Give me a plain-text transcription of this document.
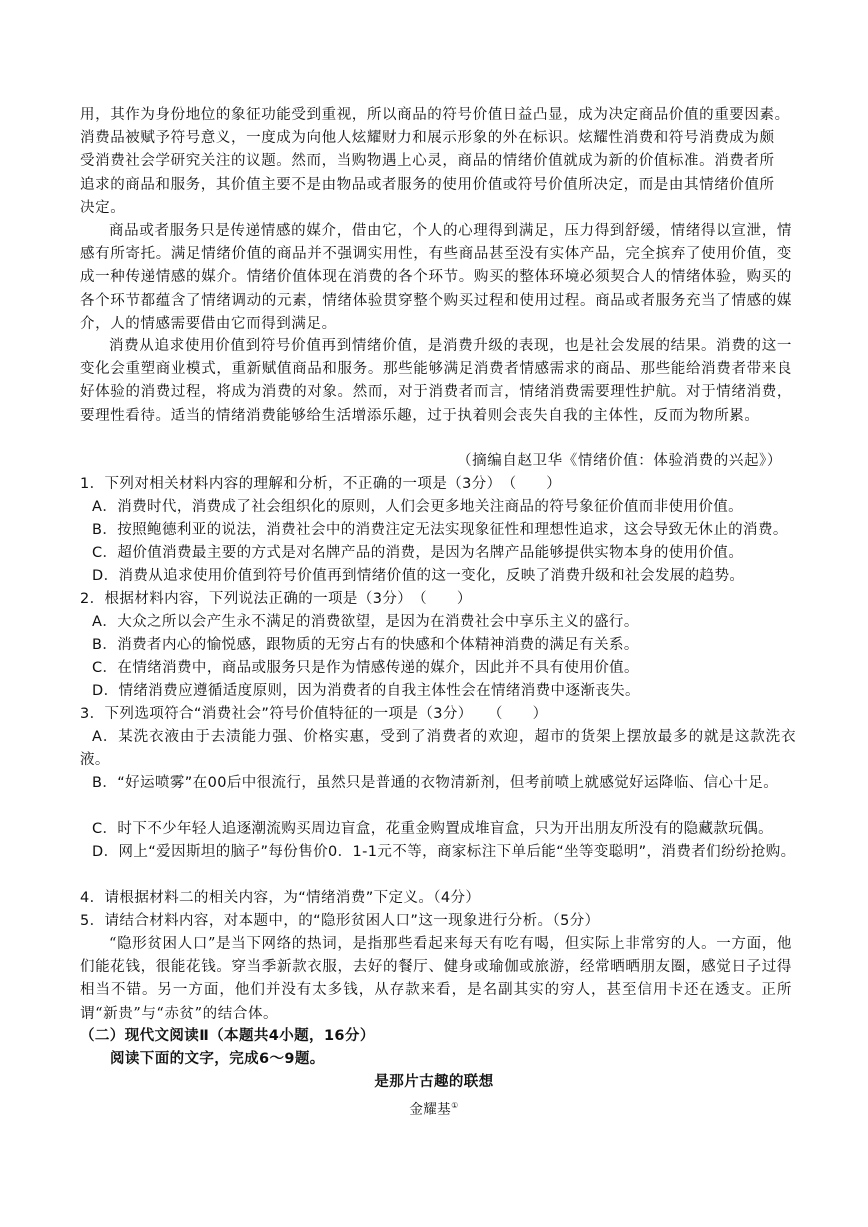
用，其作为身份地位的象征功能受到重视，所以商品的符号价值日益凸显，成为决定商品价值的重要因素。

消费品被赋予符号意义，一度成为向他人炫耀财力和展示形象的外在标识。炫耀性消费和符号消费成为颇

受消费社会学研究关注的议题。然而，当购物遇上心灵，商品的情绪价值就成为新的价值标准。消费者所

追求的商品和服务，其价值主要不是由物品或者服务的使用价值或符号价值所决定，而是由其情绪价值所

决定。

商品或者服务只是传递情感的媒介，借由它，个人的心理得到满足，压力得到舒缓，情绪得以宣泄，情感有所寄托。满足情绪价值的商品并不强调实用性，有些商品甚至没有实体产品，完全摈弃了使用价值，变成一种传递情感的媒介。情绪价值体现在消费的各个环节。购买的整体环境必须契合人的情绪体验，购买的各个环节都蕴含了情绪调动的元素，情绪体验贯穿整个购买过程和使用过程。商品或者服务充当了情感的媒介，人的情感需要借由它而得到满足。

消费从追求使用价值到符号价值再到情绪价值，是消费升级的表现，也是社会发展的结果。消费的这一变化会重塑商业模式，重新赋值商品和服务。那些能够满足消费者情感需求的商品、那些能给消费者带来良好体验的消费过程，将成为消费的对象。然而，对于消费者而言，情绪消费需要理性护航。对于情绪消费，要理性看待。适当的情绪消费能够给生活增添乐趣，过于执着则会丧失自我的主体性，反而为物所累。

（摘编自赵卫华《情绪价值：体验消费的兴起》）

1．下列对相关材料内容的理解和分析，不正确的一项是（3分）（　　）

A．消费时代，消费成了社会组织化的原则，人们会更多地关注商品的符号象征价值而非使用价值。

B．按照鲍德利亚的说法，消费社会中的消费注定无法实现象征性和理想性追求，这会导致无休止的消费。

C．超价值消费最主要的方式是对名牌产品的消费，是因为名牌产品能够提供实物本身的使用价值。

D．消费从追求使用价值到符号价值再到情绪价值的这一变化，反映了消费升级和社会发展的趋势。

2．根据材料内容，下列说法正确的一项是（3分）（　　）

A．大众之所以会产生永不满足的消费欲望，是因为在消费社会中享乐主义的盛行。

B．消费者内心的愉悦感，跟物质的无穷占有的快感和个体精神消费的满足有关系。

C．在情绪消费中，商品或服务只是作为情感传递的媒介，因此并不具有使用价值。

D．情绪消费应遵循适度原则，因为消费者的自我主体性会在情绪消费中逐渐丧失。

3．下列选项符合“消费社会”符号价值特征的一项是（3分） （　　）

A．某洗衣液由于去渍能力强、价格实惠，受到了消费者的欢迎，超市的货架上摆放最多的就是这款洗衣液。

B．“好运喷雾”在00后中很流行，虽然只是普通的衣物清新剂，但考前喷上就感觉好运降临、信心十足。

C．时下不少年轻人追逐潮流购买周边盲盒，花重金购置成堆盲盒，只为开出朋友所没有的隐藏款玩偶。

D．网上“爱因斯坦的脑子”每份售价0．1-1元不等，商家标注下单后能“坐等变聪明”，消费者们纷纷抢购。

4．请根据材料二的相关内容，为“情绪消费”下定义。（4分）

5．请结合材料内容，对本题中，的“隐形贫困人口”这一现象进行分析。（5分）

“隐形贫困人口”是当下网络的热词，是指那些看起来每天有吃有喝，但实际上非常穷的人。一方面，他们能花钱，很能花钱。穿当季新款衣服，去好的餐厅、健身或瑜伽或旅游，经常晒晒朋友圈，感觉日子过得相当不错。另一方面，他们并没有太多钱，从存款来看，是名副其实的穷人，甚至信用卡还在透支。正所谓“新贵”与“赤贫”的结合体。

（二）现代文阅读Ⅱ（本题共4小题，16分）

阅读下面的文字，完成6～9题。

是那片古趣的联想

金耀基①
